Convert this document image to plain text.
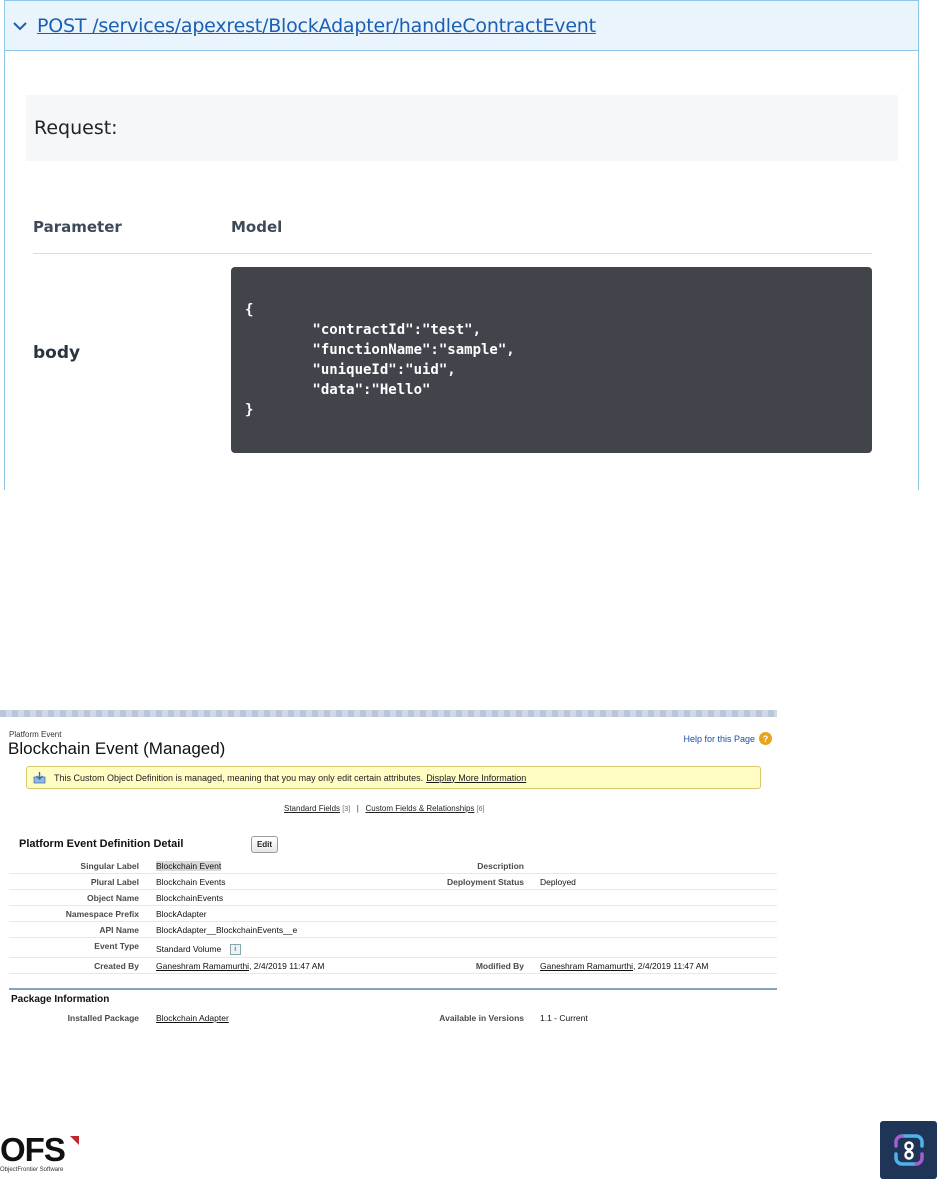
POST /services/apexrest/BlockAdapter/handleContractEvent
Request:
Parameter	Model
body
{
"contractId":"test",
"functionName":"sample",
"uniqueId":"uid",
"data":"Hello"
}
Platform Event
Blockchain Event (Managed)
Help for this Page ?
This Custom Object Definition is managed, meaning that you may only edit certain attributes. Display More Information
Standard Fields [3] | Custom Fields & Relationships [6]
Platform Event Definition Detail	Edit
Singular Label Blockchain Event	Description
Plural Label Blockchain Events	Deployment Status Deployed
Object Name BlockchainEvents
Namespace Prefix BlockAdapter
API Name BlockAdapter__BlockchainEvents__e
Event Type Standard Volume i
Created By Ganeshram Ramamurthi, 2/4/2019 11:47 AM	Modified By Ganeshram Ramamurthi, 2/4/2019 11:47 AM
Package Information
Installed Package Blockchain Adapter	Available in Versions 1.1 - Current
OFS
ObjectFrontier Software
